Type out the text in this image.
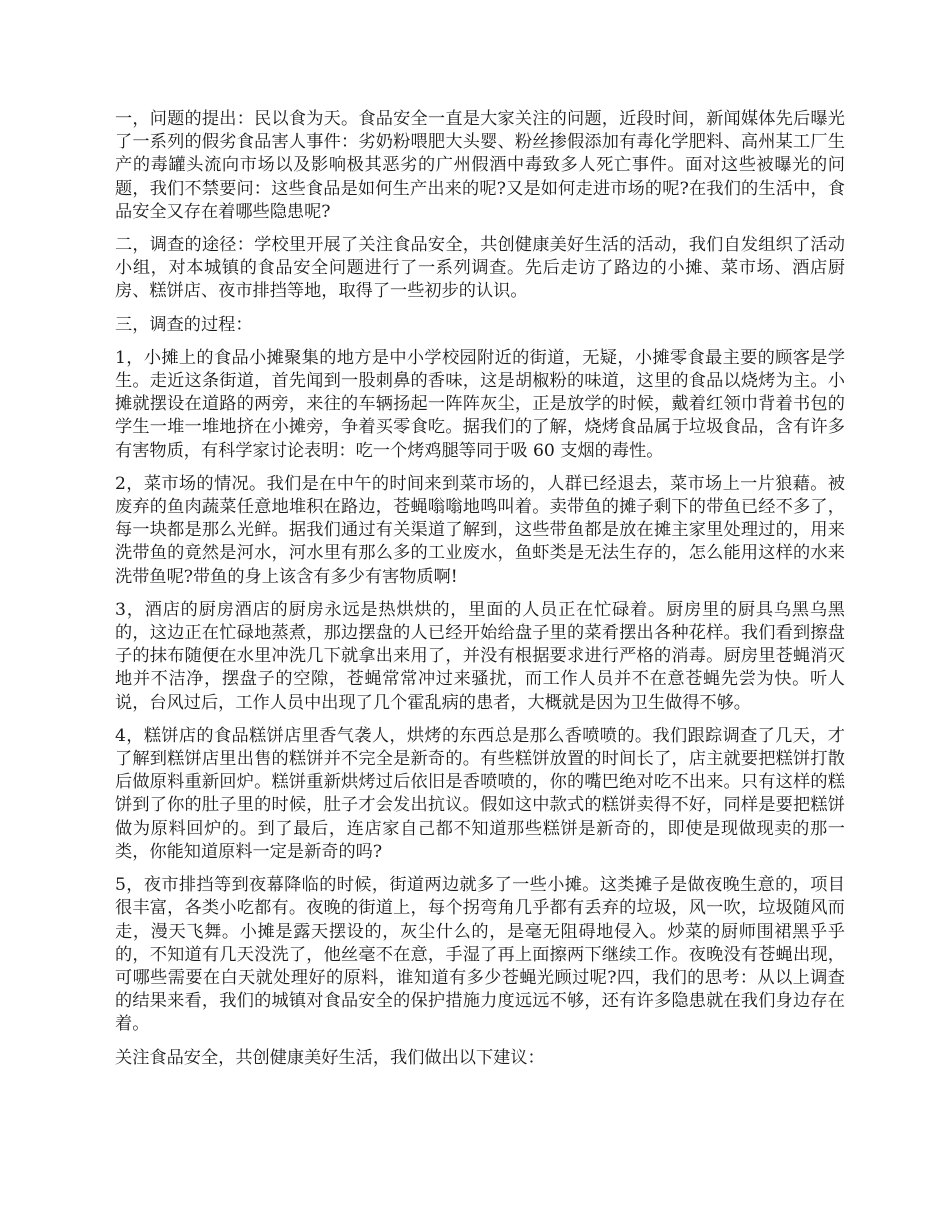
一，问题的提出：民以食为天。食品安全一直是大家关注的问题，近段时间，新闻媒体先后曝光了一系列的假劣食品害人事件：劣奶粉喂肥大头婴、粉丝掺假添加有毒化学肥料、高州某工厂生产的毒罐头流向市场以及影响极其恶劣的广州假酒中毒致多人死亡事件。面对这些被曝光的问题，我们不禁要问：这些食品是如何生产出来的呢?又是如何走进市场的呢?在我们的生活中，食品安全又存在着哪些隐患呢?

二，调查的途径：学校里开展了关注食品安全，共创健康美好生活的活动，我们自发组织了活动小组，对本城镇的食品安全问题进行了一系列调查。先后走访了路边的小摊、菜市场、酒店厨房、糕饼店、夜市排挡等地，取得了一些初步的认识。

三，调查的过程：

1，小摊上的食品小摊聚集的地方是中小学校园附近的街道，无疑，小摊零食最主要的顾客是学生。走近这条街道，首先闻到一股刺鼻的香味，这是胡椒粉的味道，这里的食品以烧烤为主。小摊就摆设在道路的两旁，来往的车辆扬起一阵阵灰尘，正是放学的时候，戴着红领巾背着书包的学生一堆一堆地挤在小摊旁，争着买零食吃。据我们的了解，烧烤食品属于垃圾食品，含有许多有害物质，有科学家讨论表明：吃一个烤鸡腿等同于吸 60 支烟的毒性。

2，菜市场的情况。我们是在中午的时间来到菜市场的，人群已经退去，菜市场上一片狼藉。被废弃的鱼肉蔬菜任意地堆积在路边，苍蝇嗡嗡地鸣叫着。卖带鱼的摊子剩下的带鱼已经不多了，每一块都是那么光鲜。据我们通过有关渠道了解到，这些带鱼都是放在摊主家里处理过的，用来洗带鱼的竟然是河水，河水里有那么多的工业废水，鱼虾类是无法生存的，怎么能用这样的水来洗带鱼呢?带鱼的身上该含有多少有害物质啊!

3，酒店的厨房酒店的厨房永远是热烘烘的，里面的人员正在忙碌着。厨房里的厨具乌黑乌黑的，这边正在忙碌地蒸煮，那边摆盘的人已经开始给盘子里的菜肴摆出各种花样。我们看到擦盘子的抹布随便在水里冲洗几下就拿出来用了，并没有根据要求进行严格的消毒。厨房里苍蝇消灭地并不洁净，摆盘子的空隙，苍蝇常常冲过来骚扰，而工作人员并不在意苍蝇先尝为快。听人说，台风过后，工作人员中出现了几个霍乱病的患者，大概就是因为卫生做得不够。

4，糕饼店的食品糕饼店里香气袭人，烘烤的东西总是那么香喷喷的。我们跟踪调查了几天，才了解到糕饼店里出售的糕饼并不完全是新奇的。有些糕饼放置的时间长了，店主就要把糕饼打散后做原料重新回炉。糕饼重新烘烤过后依旧是香喷喷的，你的嘴巴绝对吃不出来。只有这样的糕饼到了你的肚子里的时候，肚子才会发出抗议。假如这中款式的糕饼卖得不好，同样是要把糕饼做为原料回炉的。到了最后，连店家自己都不知道那些糕饼是新奇的，即使是现做现卖的那一类，你能知道原料一定是新奇的吗?

5，夜市排挡等到夜幕降临的时候，街道两边就多了一些小摊。这类摊子是做夜晚生意的，项目很丰富，各类小吃都有。夜晚的街道上，每个拐弯角几乎都有丢弃的垃圾，风一吹，垃圾随风而走，漫天飞舞。小摊是露天摆设的，灰尘什么的，是毫无阻碍地侵入。炒菜的厨师围裙黑乎乎的，不知道有几天没洗了，他丝毫不在意，手湿了再上面擦两下继续工作。夜晚没有苍蝇出现，可哪些需要在白天就处理好的原料，谁知道有多少苍蝇光顾过呢?四，我们的思考：从以上调查的结果来看，我们的城镇对食品安全的保护措施力度远远不够，还有许多隐患就在我们身边存在着。

关注食品安全，共创健康美好生活，我们做出以下建议：
